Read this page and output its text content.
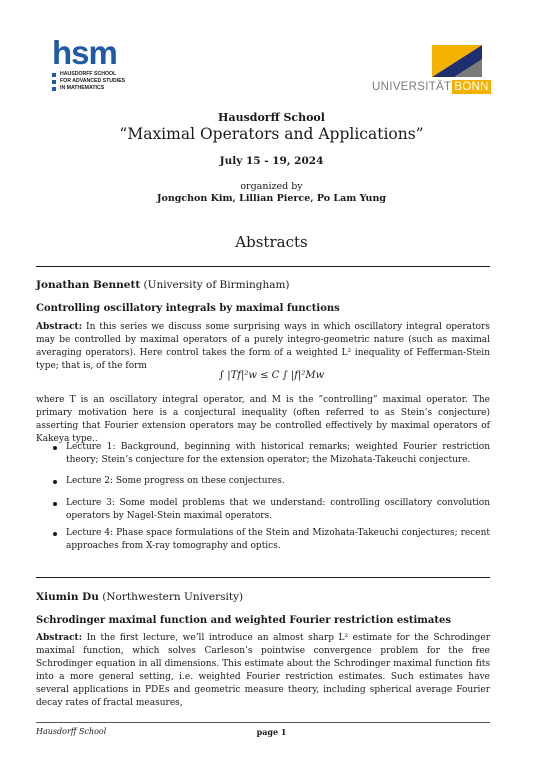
hsm
HAUSDORFF SCHOOL
FOR ADVANCED STUDIES
IN MATHEMATICS	UNIVERSITÄT BONN
Hausdorff School
“Maximal Operators and Applications”
July 15 - 19, 2024
organized by
Jongchon Kim, Lillian Pierce, Po Lam Yung
Abstracts
Jonathan Bennett (University of Birmingham)
Controlling oscillatory integrals by maximal functions
Abstract: In this series we discuss some surprising ways in which oscillatory integral operators may be controlled by maximal operators of a purely integro-geometric nature (such as maximal averaging operators). Here control takes the form of a weighted L² inequality of Fefferman-Stein type; that is, of the form
∫ |Tf|²w ≤ C ∫ |f|²Mw
where T is an oscillatory integral operator, and M is the ”controlling” maximal operator. The primary motivation here is a conjectural inequality (often referred to as Stein’s conjecture) asserting that Fourier extension operators may be controlled effectively by maximal operators of Kakeya type..
Lecture 1: Background, beginning with historical remarks; weighted Fourier restriction theory; Stein’s conjecture for the extension operator; the Mizohata-Takeuchi conjecture.
Lecture 2: Some progress on these conjectures.
Lecture 3: Some model problems that we understand: controlling oscillatory convolution operators by Nagel-Stein maximal operators.
Lecture 4: Phase space formulations of the Stein and Mizohata-Takeuchi conjectures; recent approaches from X-ray tomography and optics.
Xiumin Du (Northwestern University)
Schrodinger maximal function and weighted Fourier restriction estimates
Abstract: In the first lecture, we’ll introduce an almost sharp L² estimate for the Schrodinger maximal function, which solves Carleson’s pointwise convergence problem for the free Schrodinger equation in all dimensions. This estimate about the Schrodinger maximal function fits into a more general setting, i.e. weighted Fourier restriction estimates. Such estimates have several applications in PDEs and geometric measure theory, including spherical average Fourier decay rates of fractal measures,
Hausdorff School	page 1
